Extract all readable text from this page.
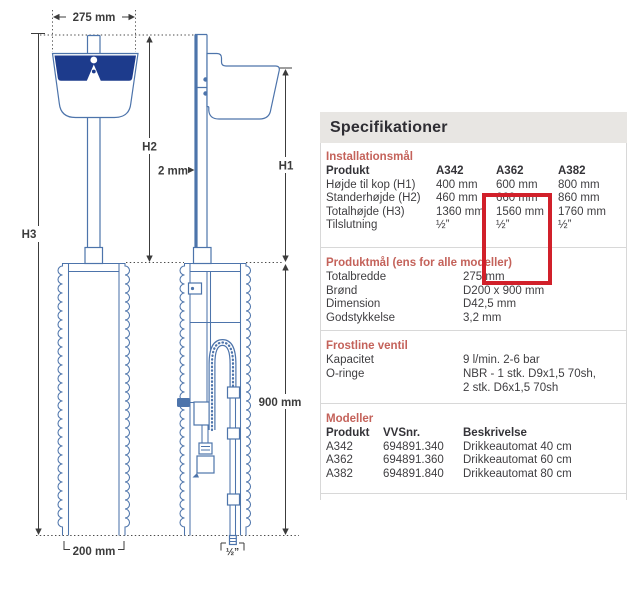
275 mm
H3
H2
H1
900 mm
2 mm
200 mm	½”
Specifikationer
Installationsmål
Produkt	A342	A362	A382
Højde til kop (H1)	400 mm	600 mm	800 mm
Standerhøjde (H2)	460 mm	660 mm	860 mm
Totalhøjde (H3)	1360 mm	1560 mm	1760 mm
Tilslutning	½”	½”	½”
Produktmål (ens for alle modeller)
Totalbredde	275 mm
Brønd	D200 x 900 mm
Dimension	D42,5 mm
Godstykkelse	3,2 mm
Frostline ventil
Kapacitet	9 l/min. 2-6 bar
O-ringe	NBR - 1 stk. D9x1,5 70sh,
2 stk. D6x1,5 70sh
Modeller
Produkt	VVSnr.	Beskrivelse
A342	694891.340	Drikkeautomat 40 cm
A362	694891.360	Drikkeautomat 60 cm
A382	694891.840	Drikkeautomat 80 cm
